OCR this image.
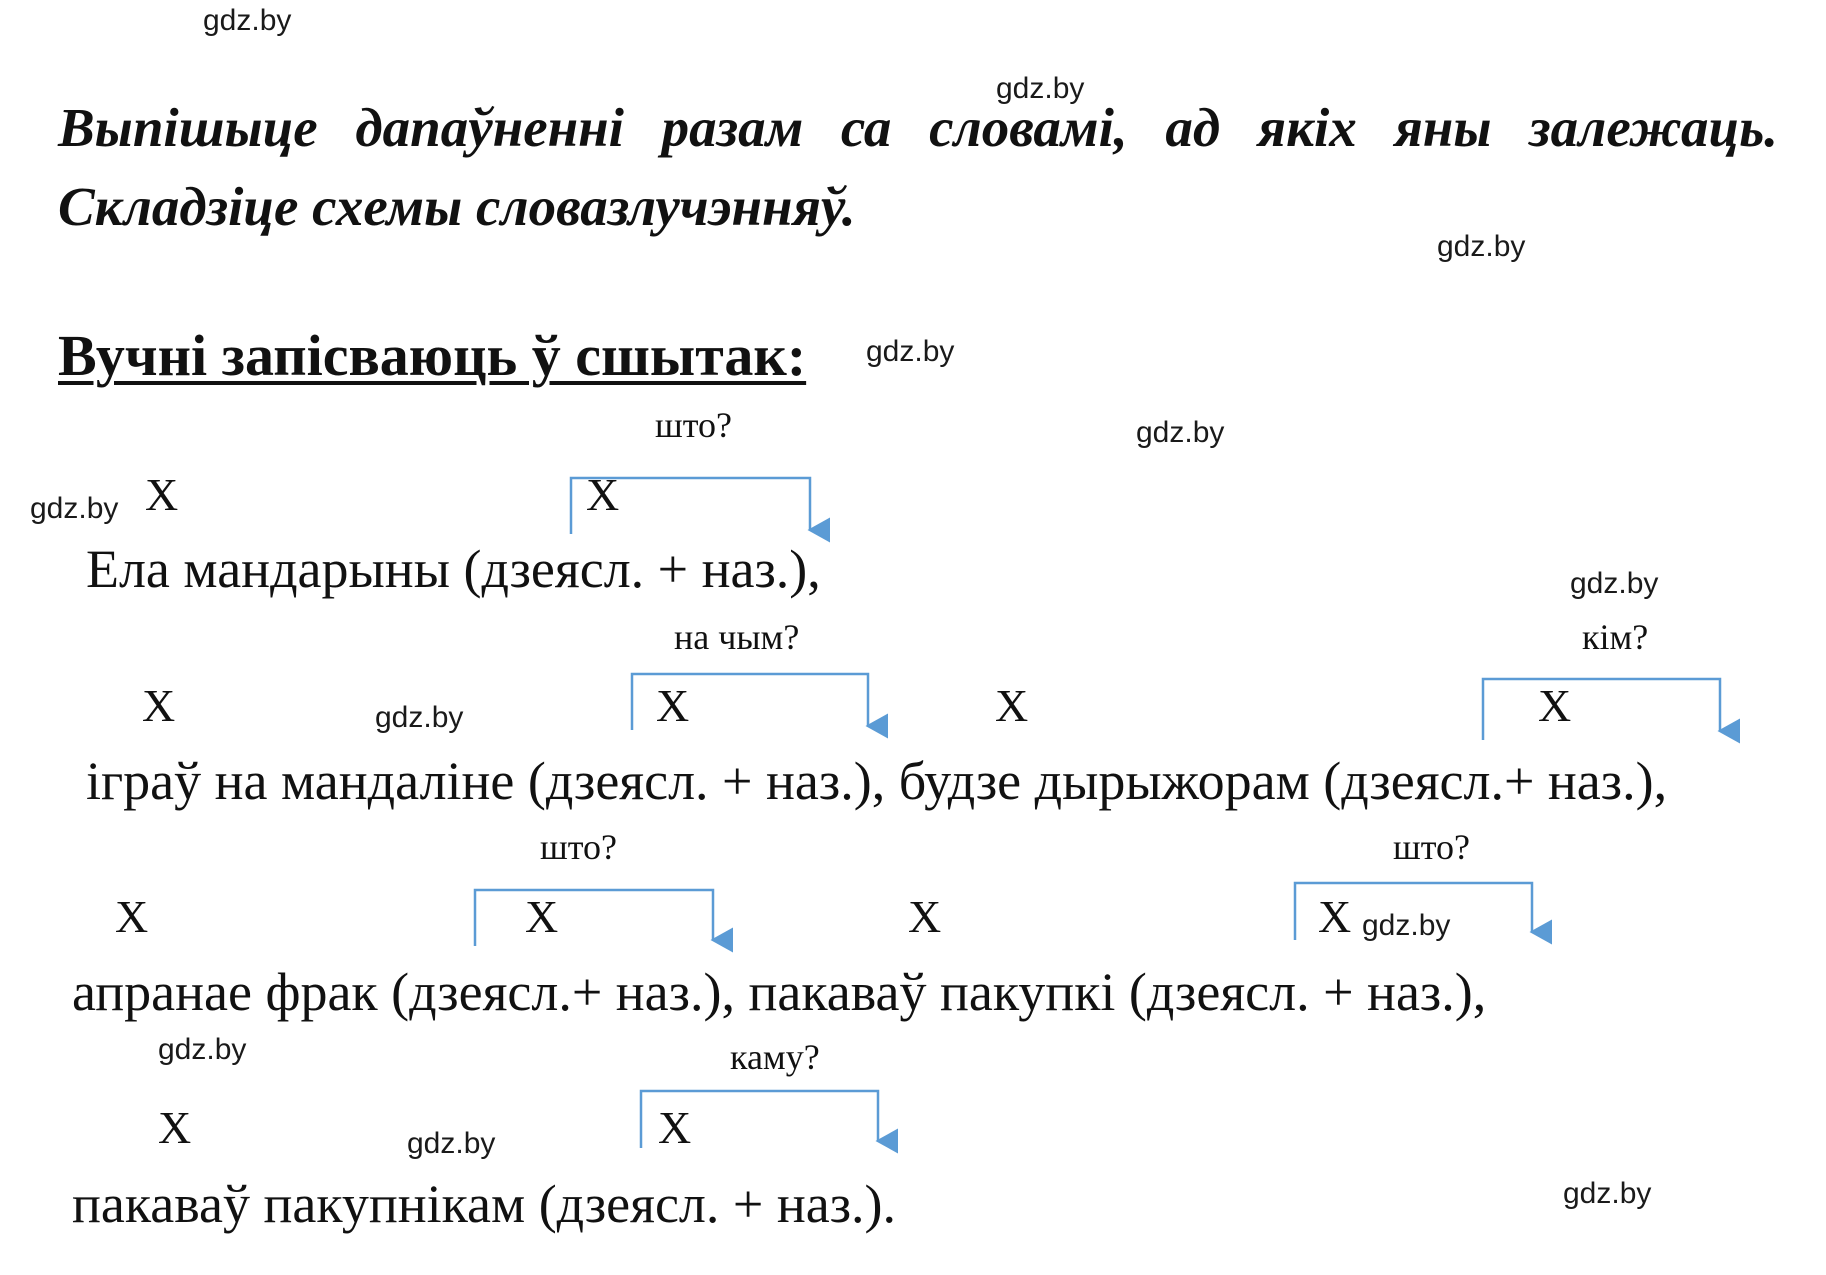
gdz.by
gdz.by
gdz.by
gdz.by
gdz.by
gdz.by
gdz.by
gdz.by
gdz.by
gdz.by
gdz.by
gdz.by
Выпішыце дапаўненні разам са словамі, ад якіх яны залежаць.
Складзіце схемы словазлучэнняў.
Вучні запісваюць ў сшытак:
што?
на чым?	кім?
што?	што?
каму?
X	X
X	X	X	X
X	X	X	X
X	X
Ела мандарыны (дзеясл. + наз.),
іграў на мандаліне (дзеясл. + наз.), будзе дырыжорам (дзеясл.+ наз.),
апранае фрак (дзеясл.+ наз.), пакаваў пакупкі (дзеясл. + наз.),
пакаваў пакупнікам (дзеясл. + наз.).
